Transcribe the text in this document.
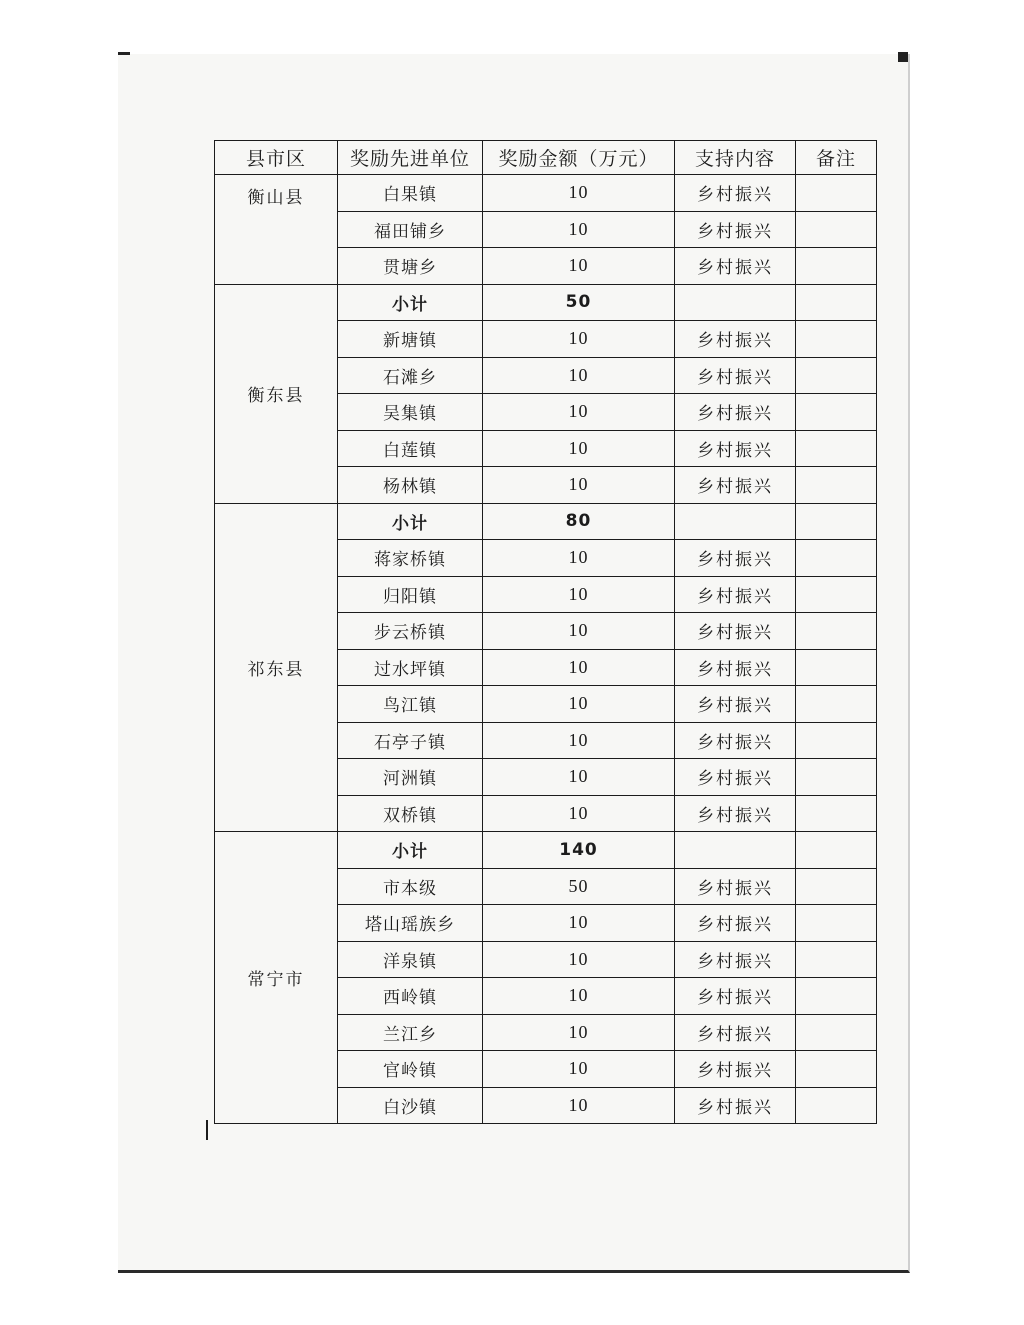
县市区	奖励先进单位	奖励金额（万元）	支持内容	备注
衡山县	白果镇	10	乡村振兴	
	福田铺乡	10	乡村振兴	
	贯塘乡	10	乡村振兴	
衡东县	小计	50		
	新塘镇	10	乡村振兴	
	石滩乡	10	乡村振兴	
	吴集镇	10	乡村振兴	
	白莲镇	10	乡村振兴	
	杨林镇	10	乡村振兴	
祁东县	小计	80		
	蒋家桥镇	10	乡村振兴	
	归阳镇	10	乡村振兴	
	步云桥镇	10	乡村振兴	
	过水坪镇	10	乡村振兴	
	鸟江镇	10	乡村振兴	
	石亭子镇	10	乡村振兴	
	河洲镇	10	乡村振兴	
	双桥镇	10	乡村振兴	
常宁市	小计	140		
	市本级	50	乡村振兴	
	塔山瑶族乡	10	乡村振兴	
	洋泉镇	10	乡村振兴	
	西岭镇	10	乡村振兴	
	兰江乡	10	乡村振兴	
	官岭镇	10	乡村振兴	
	白沙镇	10	乡村振兴	
